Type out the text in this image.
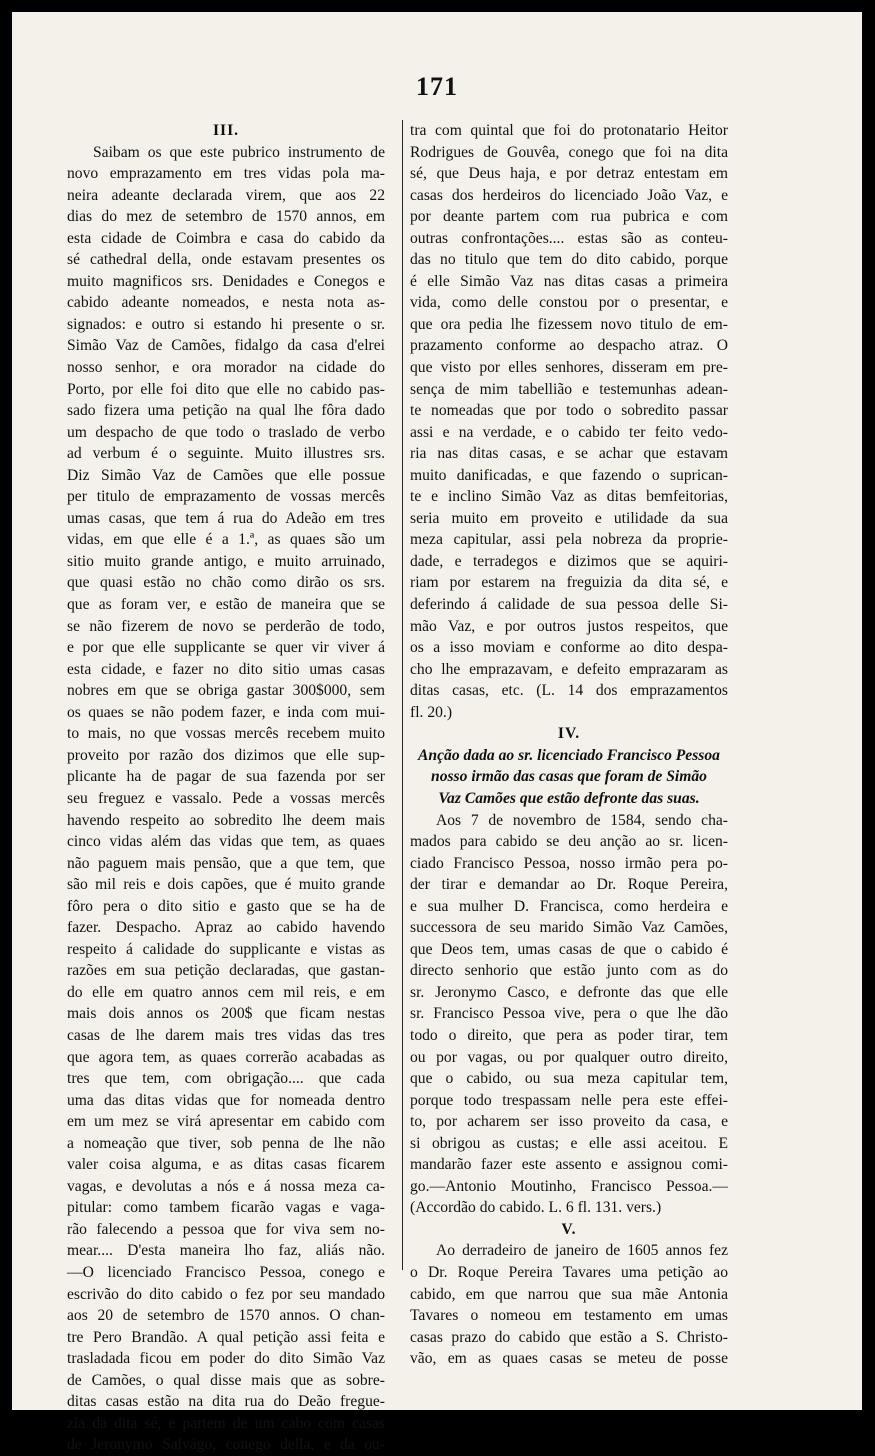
171
III.
Saibam os que este pubrico instrumento de
novo emprazamento em tres vidas pola ma-
neira adeante declarada virem, que aos 22
dias do mez de setembro de 1570 annos, em
esta cidade de Coimbra e casa do cabido da
sé cathedral della, onde estavam presentes os
muito magnificos srs. Denidades e Conegos e
cabido adeante nomeados, e nesta nota as-
signados: e outro si estando hi presente o sr.
Simão Vaz de Camões, fidalgo da casa d'elrei
nosso senhor, e ora morador na cidade do
Porto, por elle foi dito que elle no cabido pas-
sado fizera uma petição na qual lhe fôra dado
um despacho de que todo o traslado de verbo
ad verbum é o seguinte. Muito illustres srs.
Diz Simão Vaz de Camões que elle possue
per titulo de emprazamento de vossas mercês
umas casas, que tem á rua do Adeão em tres
vidas, em que elle é a 1.ª, as quaes são um
sitio muito grande antigo, e muito arruinado,
que quasi estão no chão como dirão os srs.
que as foram ver, e estão de maneira que se
se não fizerem de novo se perderão de todo,
e por que elle supplicante se quer vir viver á
esta cidade, e fazer no dito sitio umas casas
nobres em que se obriga gastar 300$000, sem
os quaes se não podem fazer, e inda com mui-
to mais, no que vossas mercês recebem muito
proveito por razão dos dizimos que elle sup-
plicante ha de pagar de sua fazenda por ser
seu freguez e vassalo. Pede a vossas mercês
havendo respeito ao sobredito lhe deem mais
cinco vidas além das vidas que tem, as quaes
não paguem mais pensão, que a que tem, que
são mil reis e dois capões, que é muito grande
fôro pera o dito sitio e gasto que se ha de
fazer. Despacho. Apraz ao cabido havendo
respeito á calidade do supplicante e vistas as
razões em sua petição declaradas, que gastan-
do elle em quatro annos cem mil reis, e em
mais dois annos os 200$ que ficam nestas
casas de lhe darem mais tres vidas das tres
que agora tem, as quaes correrão acabadas as
tres que tem, com obrigação.... que cada
uma das ditas vidas que for nomeada dentro
em um mez se virá apresentar em cabido com
a nomeação que tiver, sob penna de lhe não
valer coisa alguma, e as ditas casas ficarem
vagas, e devolutas a nós e á nossa meza ca-
pitular: como tambem ficarão vagas e vaga-
rão falecendo a pessoa que for viva sem no-
mear.... D'esta maneira lho faz, aliás não.
—O licenciado Francisco Pessoa, conego e
escrivão do dito cabido o fez por seu mandado
aos 20 de setembro de 1570 annos. O chan-
tre Pero Brandão. A qual petição assi feita e
trasladada ficou em poder do dito Simão Vaz
de Camões, o qual disse mais que as sobre-
ditas casas estão na dita rua do Deão fregue-
zia da dita sé, e partem de um cabo com casas
de Jeronymo Salvágo, conego della, e da ou-
tra com quintal que foi do protonatario Heitor
Rodrigues de Gouvêa, conego que foi na dita
sé, que Deus haja, e por detraz entestam em
casas dos herdeiros do licenciado João Vaz, e
por deante partem com rua pubrica e com
outras confrontações.... estas são as conteu-
das no titulo que tem do dito cabido, porque
é elle Simão Vaz nas ditas casas a primeira
vida, como delle constou por o presentar, e
que ora pedia lhe fizessem novo titulo de em-
prazamento conforme ao despacho atraz. O
que visto por elles senhores, disseram em pre-
sença de mim tabellião e testemunhas adean-
te nomeadas que por todo o sobredito passar
assi e na verdade, e o cabido ter feito vedo-
ria nas ditas casas, e se achar que estavam
muito danificadas, e que fazendo o suprican-
te e inclino Simão Vaz as ditas bemfeitorias,
seria muito em proveito e utilidade da sua
meza capitular, assi pela nobreza da proprie-
dade, e terradegos e dizimos que se aquiri-
riam por estarem na freguizia da dita sé, e
deferindo á calidade de sua pessoa delle Si-
mão Vaz, e por outros justos respeitos, que
os a isso moviam e conforme ao dito despa-
cho lhe emprazavam, e defeito emprazaram as
ditas casas, etc. (L. 14 dos emprazamentos
fl. 20.)
IV.
Anção dada ao sr. licenciado Francisco Pessoa
nosso irmão das casas que foram de Simão
Vaz Camões que estão defronte das suas.
Aos 7 de novembro de 1584, sendo cha-
mados para cabido se deu anção ao sr. licen-
ciado Francisco Pessoa, nosso irmão pera po-
der tirar e demandar ao Dr. Roque Pereira,
e sua mulher D. Francisca, como herdeira e
successora de seu marido Simão Vaz Camões,
que Deos tem, umas casas de que o cabido é
directo senhorio que estão junto com as do
sr. Jeronymo Casco, e defronte das que elle
sr. Francisco Pessoa vive, pera o que lhe dão
todo o direito, que pera as poder tirar, tem
ou por vagas, ou por qualquer outro direito,
que o cabido, ou sua meza capitular tem,
porque todo trespassam nelle pera este effei-
to, por acharem ser isso proveito da casa, e
si obrigou as custas; e elle assi aceitou. E
mandarão fazer este assento e assignou comi-
go.—Antonio Moutinho, Francisco Pessoa.—
(Accordão do cabido. L. 6 fl. 131. vers.)
V.
Ao derradeiro de janeiro de 1605 annos fez
o Dr. Roque Pereira Tavares uma petição ao
cabido, em que narrou que sua mãe Antonia
Tavares o nomeou em testamento em umas
casas prazo do cabido que estão a S. Christo-
vão, em as quaes casas se meteu de posse
